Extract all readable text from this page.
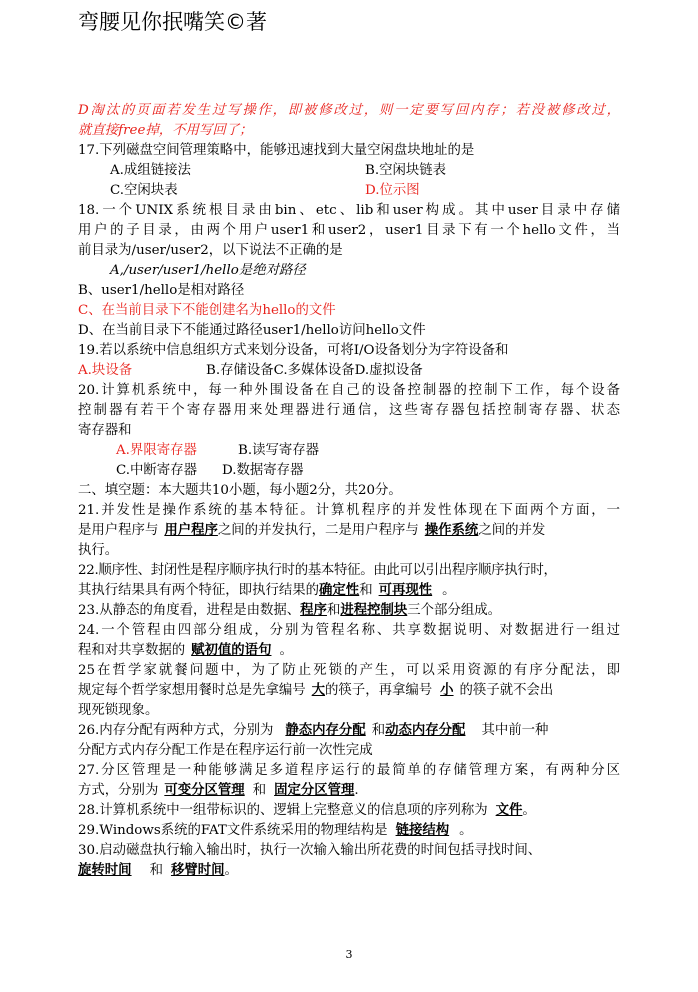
弯腰见你抿嘴笑©著
D淘汰的页面若发生过写操作，即被修改过，则一定要写回内存；若没被修改过，
就直接free掉，不用写回了；
17.下列磁盘空间管理策略中，能够迅速找到大量空闲盘块地址的是
A.成组链接法	B.空闲块链表
C.空闲块表	D.位示图
18.一个UNIX系统根目录由bin、etc、lib和user构成。其中user目录中存储
用户的子目录，由两个用户user1和user2，user1目录下有一个hello文件，当
前目录为/user/user2，以下说法不正确的是
A,/user/user1/hello是绝对路径
B、user1/hello是相对路径
C、在当前目录下不能创建名为hello的文件
D、在当前目录下不能通过路径user1/hello访问hello文件
19.若以系统中信息组织方式来划分设备，可将I/O设备划分为字符设备和
A.块设备	B.存储设备C.多媒体设备D.虚拟设备
20.计算机系统中，每一种外围设备在自己的设备控制器的控制下工作，每个设备
控制器有若干个寄存器用来处理器进行通信，这些寄存器包括控制寄存器、状态
寄存器和
A.界限寄存器	B.读写寄存器
C.中断寄存器 D.数据寄存器
二、填空题：本大题共10小题，每小题2分，共20分。
21.并发性是操作系统的基本特征。计算机程序的并发性体现在下面两个方面，一
是用户程序与 用户程序之间的并发执行，二是用户程序与 操作系统之间的并发
执行。
22.顺序性、封闭性是程序顺序执行时的基本特征。由此可以引出程序顺序执行时，
其执行结果具有两个特征，即执行结果的确定性和 可再现性 。
23.从静态的角度看，进程是由数据、程序和进程控制块三个部分组成。
24.一个管程由四部分组成，分别为管程名称、共享数据说明、对数据进行一组过
程和对共享数据的 赋初值的语句 。
25在哲学家就餐问题中，为了防止死锁的产生，可以采用资源的有序分配法，即
规定每个哲学家想用餐时总是先拿编号 大的筷子，再拿编号 小 的筷子就不会出
现死锁现象。
26.内存分配有两种方式，分别为 静态内存分配 和动态内存分配 其中前一种
分配方式内存分配工作是在程序运行前一次性完成
27.分区管理是一种能够满足多道程序运行的最简单的存储管理方案，有两种分区
方式，分别为 可变分区管理 和 固定分区管理.
28.计算机系统中一组带标识的、逻辑上完整意义的信息项的序列称为 文件。
29.Windows系统的FAT文件系统采用的物理结构是 链接结构 。
30.启动磁盘执行输入输出时，执行一次输入输出所花费的时间包括寻找时间、
旋转时间 和 移臂时间。
3
